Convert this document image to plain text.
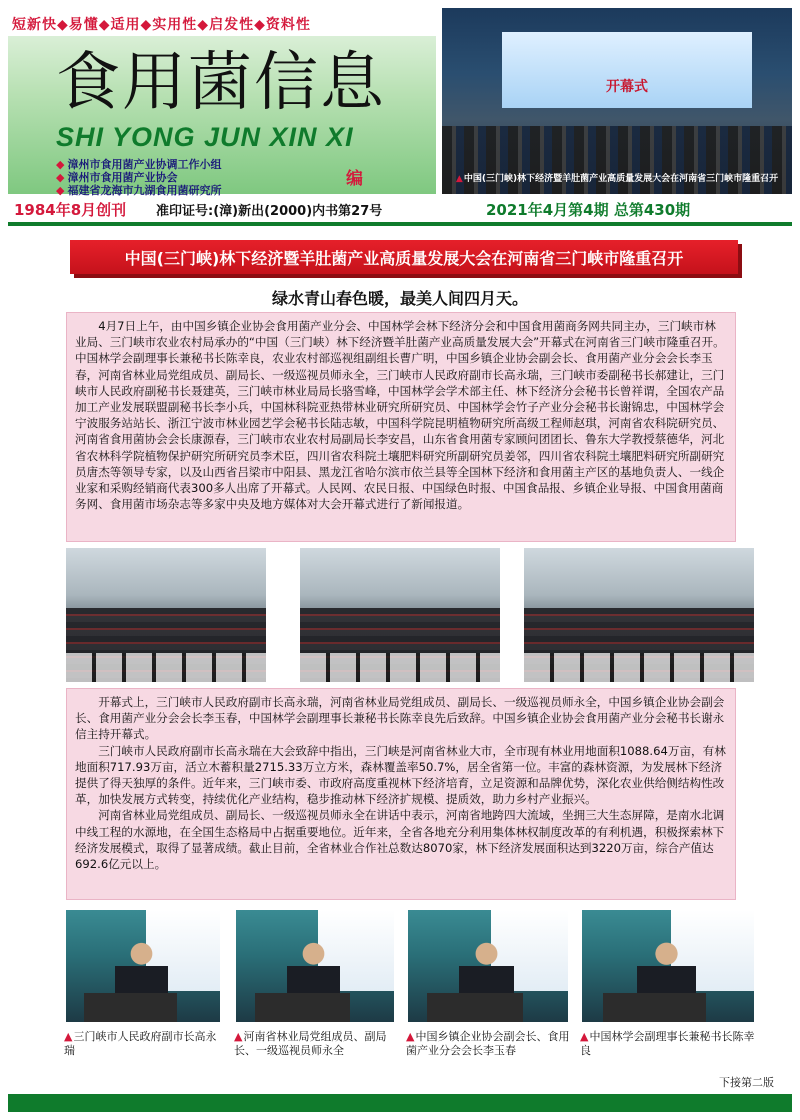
短新快◆易懂◆适用◆实用性◆启发性◆资料性
食用菌信息
SHI YONG JUN XIN XI
◆ 漳州市食用菌产业协调工作小组
◆ 漳州市食用菌产业协会
◆ 福建省龙海市九湖食用菌研究所
编
开幕式
▲ 中国(三门峡)林下经济暨羊肚菌产业高质量发展大会在河南省三门峡市隆重召开
1984年8月创刊 准印证号:(漳)新出(2000)内书第27号	2021年4月第4期 总第430期
中国(三门峡)林下经济暨羊肚菌产业高质量发展大会在河南省三门峡市隆重召开
绿水青山春色暖，最美人间四月天。

4月7日上午，由中国乡镇企业协会食用菌产业分会、中国林学会林下经济分会和中国食用菌商务网共同主办，三门峡市林业局、三门峡市农业农村局承办的“中国（三门峡）林下经济暨羊肚菌产业高质量发展大会”开幕式在河南省三门峡市隆重召开。中国林学会副理事长兼秘书长陈幸良，农业农村部巡视组副组长曹广明，中国乡镇企业协会副会长、食用菌产业分会会长李玉春，河南省林业局党组成员、副局长、一级巡视员师永全，三门峡市人民政府副市长高永瑞，三门峡市委副秘书长郝建让，三门峡市人民政府副秘书长聂建英，三门峡市林业局局长骆雪峰，中国林学会学术部主任、林下经济分会秘书长曾祥谓，全国农产品加工产业发展联盟副秘书长李小兵，中国林科院亚热带林业研究所研究员、中国林学会竹子产业分会秘书长谢锦忠，中国林学会宁波服务站站长、浙江宁波市林业园艺学会秘书长陆志敏，中国科学院昆明植物研究所高级工程师赵琪，河南省农科院研究员、河南省食用菌协会会长康源春，三门峡市农业农村局副局长李安昌，山东省食用菌专家顾问团团长、鲁东大学教授蔡德华，河北省农林科学院植物保护研究所研究员李术臣，四川省农科院土壤肥料研究所副研究员姜邻，四川省农科院土壤肥料研究所副研究员唐杰等领导专家，以及山西省吕梁市中阳县、黑龙江省哈尔滨市依兰县等全国林下经济和食用菌主产区的基地负责人、一线企业家和采购经销商代表300多人出席了开幕式。人民网、农民日报、中国绿色时报、中国食品报、乡镇企业导报、中国食用菌商务网、食用菌市场杂志等多家中央及地方媒体对大会开幕式进行了新闻报道。

开幕式上，三门峡市人民政府副市长高永瑞，河南省林业局党组成员、副局长、一级巡视员师永全，中国乡镇企业协会副会长、食用菌产业分会会长李玉春，中国林学会副理事长兼秘书长陈幸良先后致辞。中国乡镇企业协会食用菌产业分会秘书长谢永信主持开幕式。

三门峡市人民政府副市长高永瑞在大会致辞中指出，三门峡是河南省林业大市，全市现有林业用地面积1088.64万亩，有林地面积717.93万亩，活立木蓄积量2715.33万立方米，森林覆盖率50.7%，居全省第一位。丰富的森林资源，为发展林下经济提供了得天独厚的条件。近年来，三门峡市委、市政府高度重视林下经济培育，立足资源和品牌优势，深化农业供给侧结构性改革，加快发展方式转变，持续优化产业结构，稳步推动林下经济扩规模、提质效，助力乡村产业振兴。

河南省林业局党组成员、副局长、一级巡视员师永全在讲话中表示，河南省地跨四大流域，坐拥三大生态屏障，是南水北调中线工程的水源地，在全国生态格局中占据重要地位。近年来，全省各地充分利用集体林权制度改革的有利机遇，积极探索林下经济发展模式，取得了显著成绩。截止目前，全省林业合作社总数达8070家，林下经济发展面积达到3220万亩，综合产值达692.6亿元以上。

▲ 三门峡市人民政府副市长高永瑞
▲ 河南省林业局党组成员、副局长、一级巡视员师永全
▲ 中国乡镇企业协会副会长、食用菌产业分会会长李玉春
▲ 中国林学会副理事长兼秘书长陈幸良
下接第二版
